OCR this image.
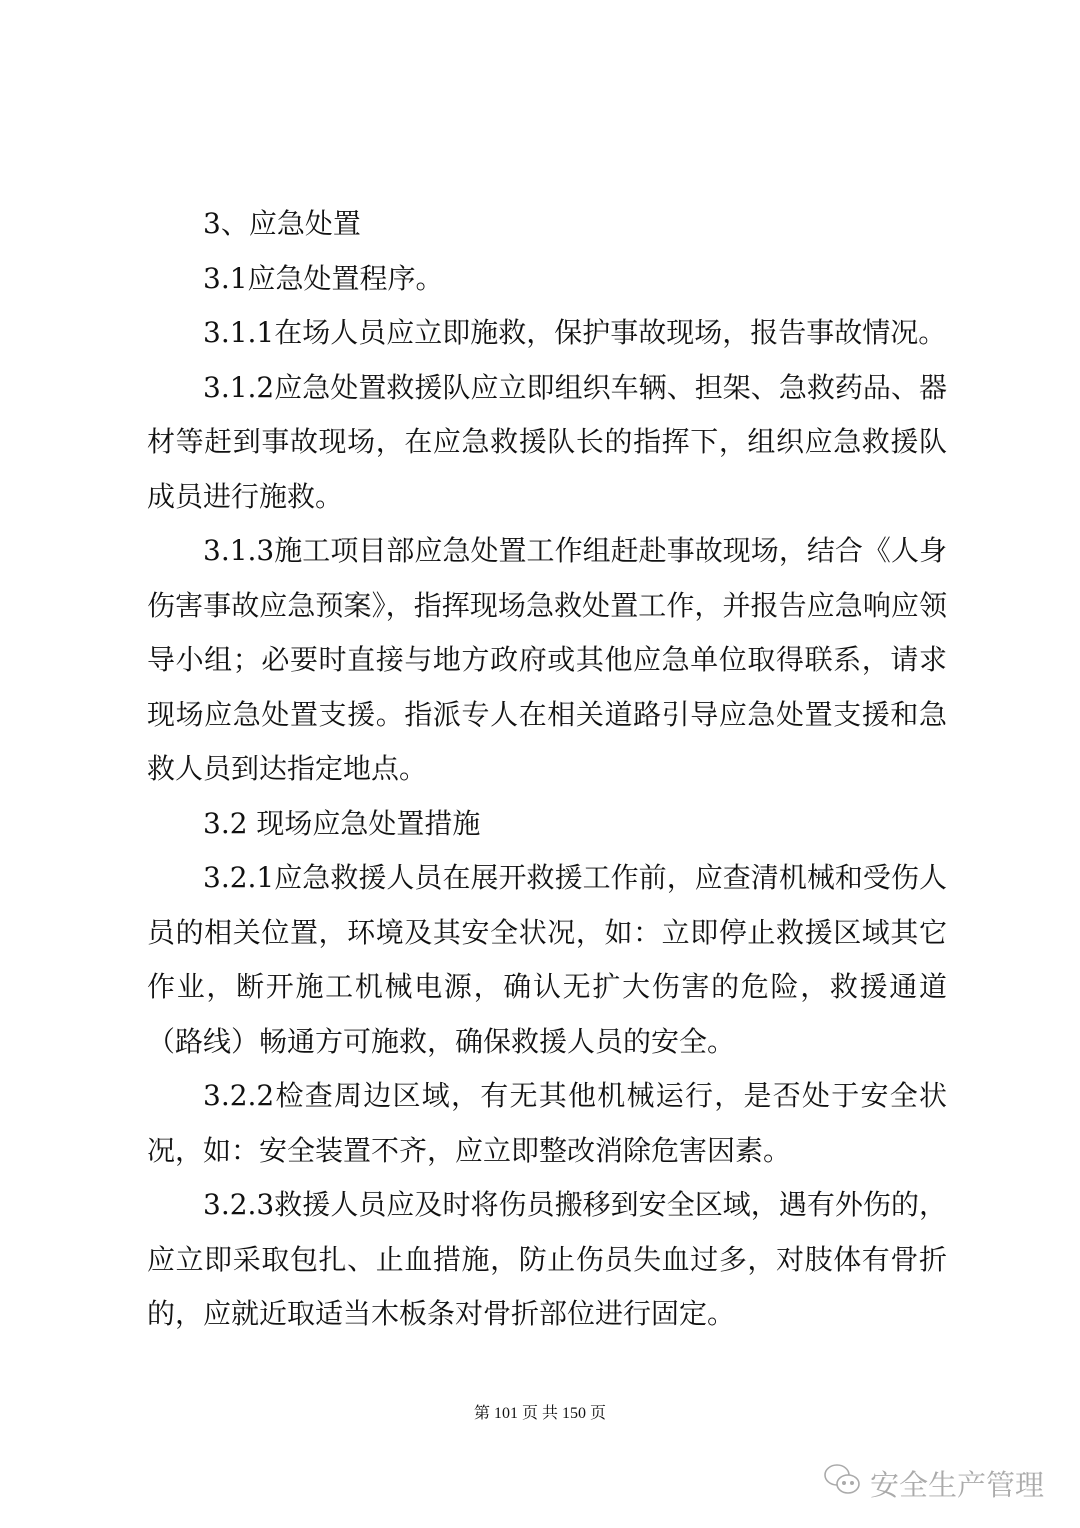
3、应急处置

3.1应急处置程序。

3.1.1在场人员应立即施救，保护事故现场，报告事故情况。

3.1.2应急处置救援队应立即组织车辆、担架、急救药品、器材等赶到事故现场，在应急救援队长的指挥下，组织应急救援队成员进行施救。

3.1.3施工项目部应急处置工作组赶赴事故现场，结合《人身伤害事故应急预案》，指挥现场急救处置工作，并报告应急响应领导小组；必要时直接与地方政府或其他应急单位取得联系，请求现场应急处置支援。指派专人在相关道路引导应急处置支援和急救人员到达指定地点。

3.2 现场应急处置措施

3.2.1应急救援人员在展开救援工作前，应查清机械和受伤人员的相关位置，环境及其安全状况，如：立即停止救援区域其它作业，断开施工机械电源，确认无扩大伤害的危险，救援通道（路线）畅通方可施救，确保救援人员的安全。

3.2.2检查周边区域，有无其他机械运行，是否处于安全状况，如：安全装置不齐，应立即整改消除危害因素。

3.2.3救援人员应及时将伤员搬移到安全区域，遇有外伤的，应立即采取包扎、止血措施，防止伤员失血过多，对肢体有骨折的，应就近取适当木板条对骨折部位进行固定。

第 101 页 共 150 页
安全生产管理
